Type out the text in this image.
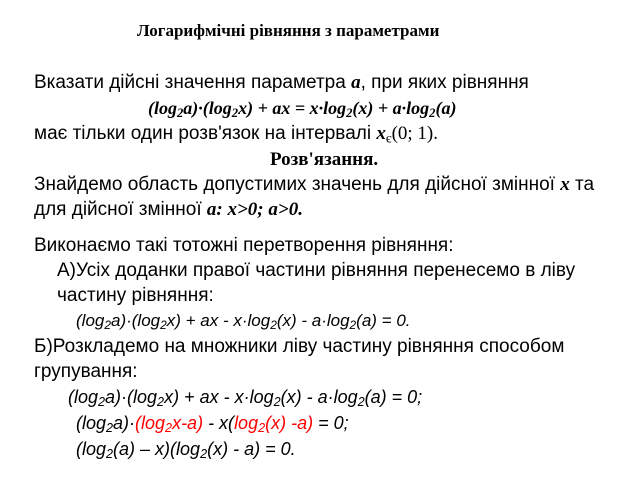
Логарифмічні рівняння з параметрами
Вказати дійсні значення параметра a, при яких рівняння
$(\log_2a)\cdot(\log_2x)$ + ax = $x\cdot\log_2(x) + a\cdot\log_2(a)$
має тільки один розв'язок на інтервалі $x_є(0$; 1).
Розв'язання.
Знайдемо область допустимих значень для дійсної змінної x та
для дійсної змінної a: x>0; a>0.
Виконаємо такі тотожні перетворення рівняння:
А)Усіх доданки правої частини рівняння перенесемо в ліву
частину рівняння:
$(\log_2a)\cdot(\log_2x)$ + ax - $x\cdot\log_2(x) - a\cdot\log_2(a) = 0$.
Б)Розкладемо на множники ліву частину рівняння способом
групування:
$(\log_2a)\cdot(\log_2x)$ + ax - $x\cdot\log_2(x) - a\cdot\log_2(a) = 0$;
$(\log_2a)\cdot(\log_2x-a) - x(\log_2(x) -a) = 0$;
$(\log_2(a) - x)(\log_2(x) - a) = 0$.
